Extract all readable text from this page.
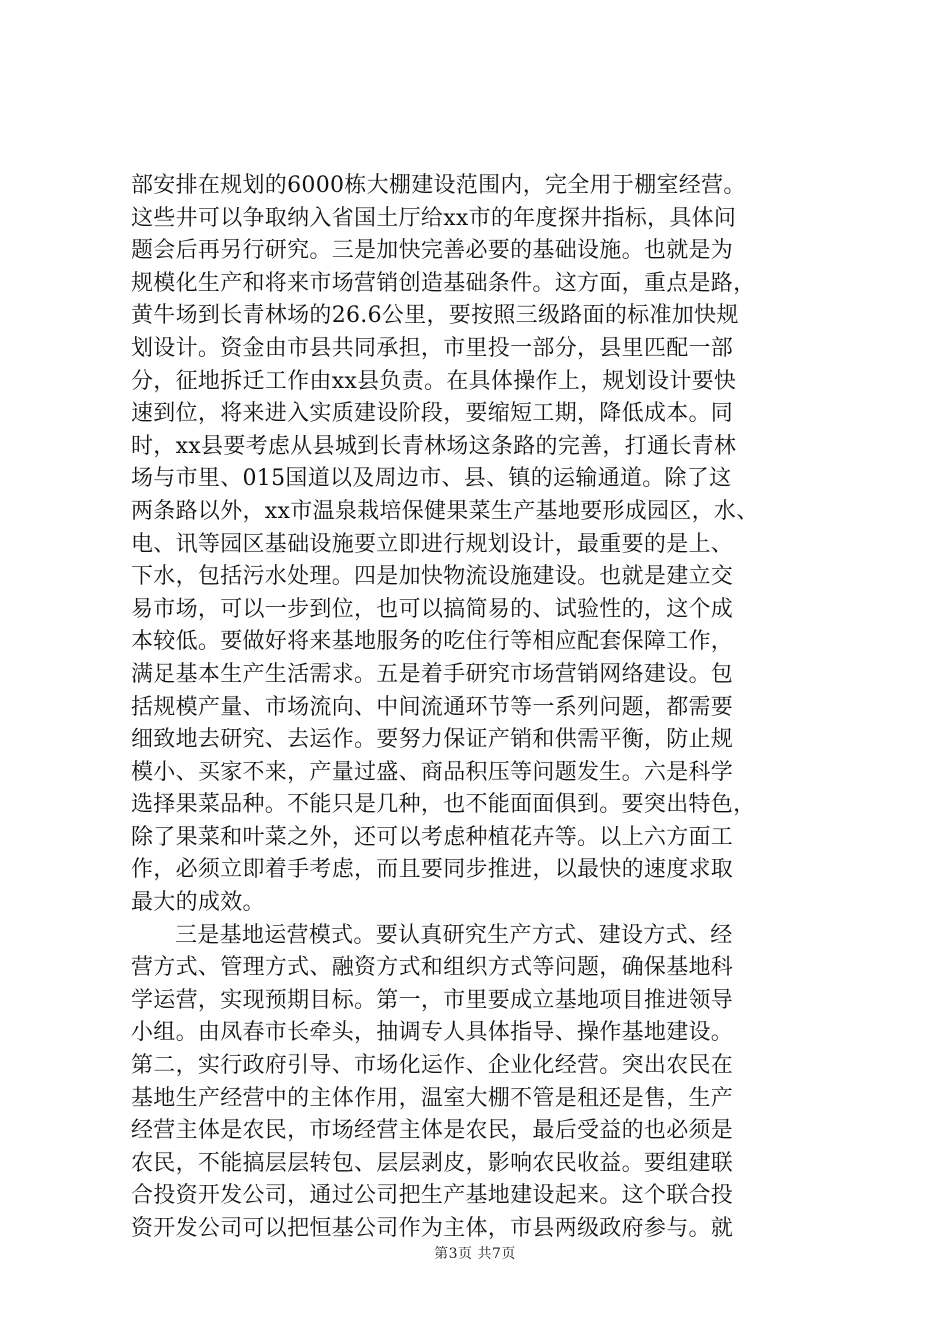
部安排在规划的6000栋大棚建设范围内，完全用于棚室经营。
这些井可以争取纳入省国土厅给xx市的年度探井指标，具体问
题会后再另行研究。三是加快完善必要的基础设施。也就是为
规模化生产和将来市场营销创造基础条件。这方面，重点是路，
黄牛场到长青林场的26.6公里，要按照三级路面的标准加快规
划设计。资金由市县共同承担，市里投一部分，县里匹配一部
分，征地拆迁工作由xx县负责。在具体操作上，规划设计要快
速到位，将来进入实质建设阶段，要缩短工期，降低成本。同
时，xx县要考虑从县城到长青林场这条路的完善，打通长青林
场与市里、015国道以及周边市、县、镇的运输通道。除了这
两条路以外，xx市温泉栽培保健果菜生产基地要形成园区，水、
电、讯等园区基础设施要立即进行规划设计，最重要的是上、
下水，包括污水处理。四是加快物流设施建设。也就是建立交
易市场，可以一步到位，也可以搞简易的、试验性的，这个成
本较低。要做好将来基地服务的吃住行等相应配套保障工作，
满足基本生产生活需求。五是着手研究市场营销网络建设。包
括规模产量、市场流向、中间流通环节等一系列问题，都需要
细致地去研究、去运作。要努力保证产销和供需平衡，防止规
模小、买家不来，产量过盛、商品积压等问题发生。六是科学
选择果菜品种。不能只是几种，也不能面面俱到。要突出特色，
除了果菜和叶菜之外，还可以考虑种植花卉等。以上六方面工
作，必须立即着手考虑，而且要同步推进，以最快的速度求取
最大的成效。
三是基地运营模式。要认真研究生产方式、建设方式、经
营方式、管理方式、融资方式和组织方式等问题，确保基地科
学运营，实现预期目标。第一，市里要成立基地项目推进领导
小组。由凤春市长牵头，抽调专人具体指导、操作基地建设。
第二，实行政府引导、市场化运作、企业化经营。突出农民在
基地生产经营中的主体作用，温室大棚不管是租还是售，生产
经营主体是农民，市场经营主体是农民，最后受益的也必须是
农民，不能搞层层转包、层层剥皮，影响农民收益。要组建联
合投资开发公司，通过公司把生产基地建设起来。这个联合投
资开发公司可以把恒基公司作为主体，市县两级政府参与。就
第3页 共7页
